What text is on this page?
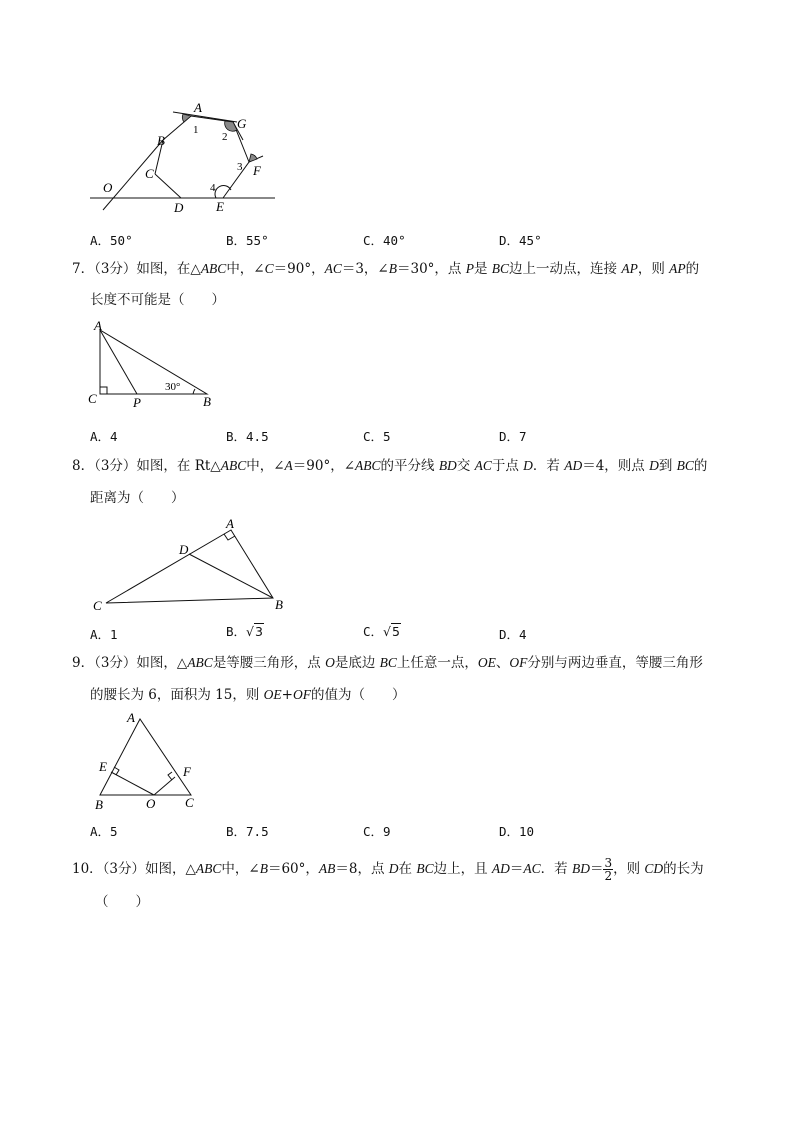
A
G
B
C	F
O
D	E
1
2
3
4
A．50°	B．55°	C．40°	D．45°
7．（3分）如图，在△ABC中，∠C＝90°，AC＝3，∠B＝30°，点 P是 BC边上一动点，连接 AP，则 AP的
长度不可能是（　　）
A
C	P	B
30°
A．4	B．4.5	C．5	D．7
8．（3分）如图，在 Rt△ABC中，∠A＝90°，∠ABC的平分线 BD交 AC于点 D．若 AD＝4，则点 D到 BC的
距离为（　　）
A
D
C	B
A．1	B．√3	C．√5	D．4
9．（3分）如图，△ABC是等腰三角形，点 O是底边 BC上任意一点，OE、OF分别与两边垂直，等腰三角形
的腰长为 6，面积为 15，则 OE+OF的值为（　　）
A
E	F
B	O C
A．5	B．7.5	C．9	D．10
10．（3分）如图，△ABC中，∠B＝60°，AB＝8，点 D在 BC边上，且 AD＝AC．若 $BD= \frac{3}{2}$ ，则 CD的长为
（　　）
